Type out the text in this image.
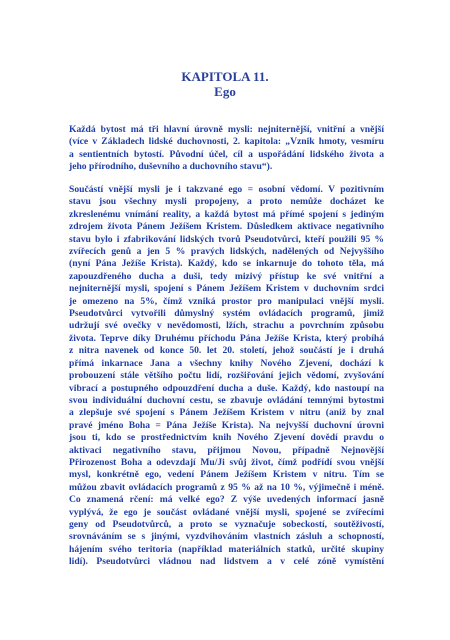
KAPITOLA 11.
Ego
Každá bytost má tři hlavní úrovně mysli: nejniternější, vnitřní a vnější
(více v Základech lidské duchovnosti, 2. kapitola: „Vznik hmoty, vesmíru
a sentientních bytostí. Původní účel, cíl a uspořádání lidského života a
jeho přírodního, duševního a duchovního stavu“).
Součástí vnější mysli je i takzvané ego = osobní vědomí. V pozitivním
stavu jsou všechny mysli propojeny, a proto nemůže docházet ke
zkreslenému vnímání reality, a každá bytost má přímé spojení s jediným
zdrojem života Pánem Ježíšem Kristem. Důsledkem aktivace negativního
stavu bylo i zfabrikování lidských tvorů Pseudotvůrci, kteří použili 95 %
zvířecích genů a jen 5 % pravých lidských, nadělených od Nejvyššího
(nyní Pána Ježíše Krista). Každý, kdo se inkarnuje do tohoto těla, má
zapouzdřeného ducha a duši, tedy mizivý přístup ke své vnitřní a
nejniternější mysli, spojení s Pánem Ježíšem Kristem v duchovním srdci
je omezeno na 5%, čímž vzniká prostor pro manipulaci vnější mysli.
Pseudotvůrci vytvořili důmyslný systém ovládacích programů, jimiž
udržují své ovečky v nevědomosti, lžích, strachu a povrchním způsobu
života. Teprve díky Druhému příchodu Pána Ježíše Krista, který probíhá
z nitra navenek od konce 50. let 20. století, jehož součástí je i druhá
přímá inkarnace Jana a všechny knihy Nového Zjevení, dochází k
probouzení stále většího počtu lidí, rozšiřování jejich vědomí, zvyšování
vibrací a postupného odpouzdření ducha a duše. Každý, kdo nastoupí na
svou individuální duchovní cestu, se zbavuje ovládání temnými bytostmi
a zlepšuje své spojení s Pánem Ježíšem Kristem v nitru (aniž by znal
pravé jméno Boha = Pána Ježíše Krista). Na nejvyšší duchovní úrovni
jsou ti, kdo se prostřednictvím knih Nového Zjevení dovědí pravdu o
aktivaci negativního stavu, přijmou Novou, případně Nejnovější
Přirozenost Boha a odevzdají Mu/Ji svůj život, čímž podřídí svou vnější
mysl, konkrétně ego, vedení Pánem Ježíšem Kristem v nitru. Tím se
můžou zbavit ovládacích programů z 95 % až na 10 %, výjimečně i méně.
Co znamená rčení: má velké ego? Z výše uvedených informací jasně
vyplývá, že ego je součást ovládané vnější mysli, spojené se zvířecími
geny od Pseudotvůrců, a proto se vyznačuje sobeckostí, soutěživostí,
srovnáváním se s jinými, vyzdvihováním vlastních zásluh a schopností,
hájením svého teritoria (například materiálních statků, určité skupiny
lidí). Pseudotvůrci vládnou nad lidstvem a v celé zóně vymístění
